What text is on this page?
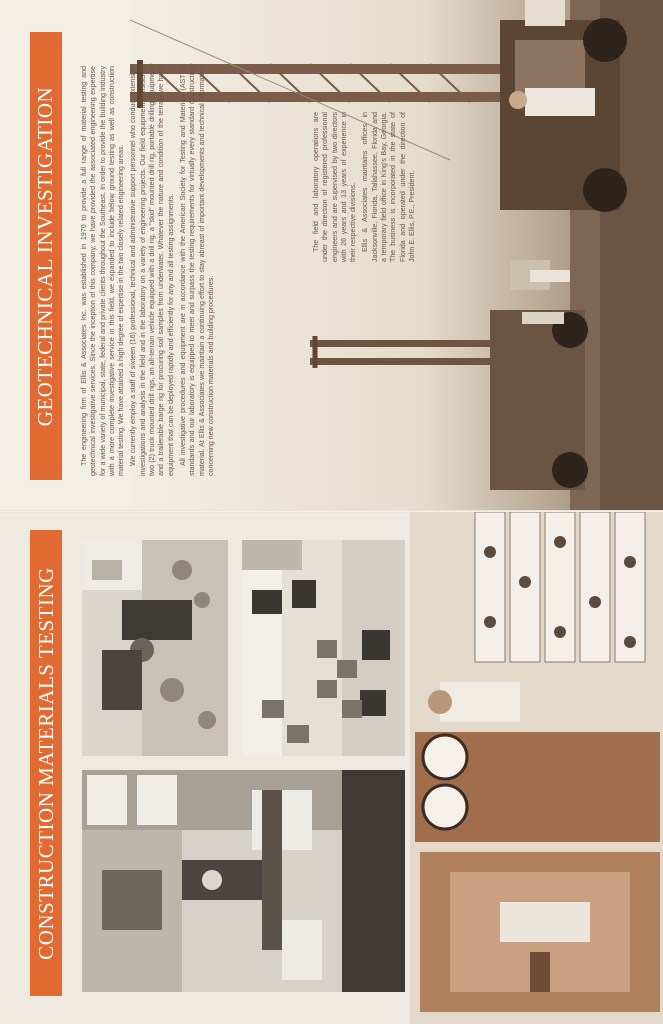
GEOTECHNICAL INVESTIGATION	The engineering firm of Ellis & Associates Inc. was established in 1970 to provide a full range of material testing and geotechnical investigative services. Since the inception of this company, we have provided the associated engineering expertise for a wide variety of municipal, state, federal and private clients throughout the Southeast. In order to provide the building industry with a more complete investigative service in this field, we expanded to include below ground testing as well as construction material testing. We have attained a high degree of expertise in the two closely related engineering areas. We currently employ a staff of sixteen (16) professional, technical and administrative support personnel who conduct extensive investigations and analysis in the field and in the laboratory on a variety of engineering projects. Our field equipment consists of two (2) truck mounted drill rigs, an all-terrain vehicle equipped with a drill rig, a "skid" mounted drill rig, portable drilling equipment and a trailerable barge rig for procuring soil samples from underwater. Whatever the nature and condition of the terrain we have equipment that can be deployed rapidly and efficiently for any and all testing assignments. All investigative procedures and equipment are in accordance with the American Society for Testing and Materials (ASTM) standards and our laboratory is equipped to meet and surpass the testing requirements for virtually every standard construction material. At Ellis & Associates we maintain a continuing effort to stay abreast of important developments and technical information concerning new construction materials and building procedures.

The field and laboratory operations are under the direction of registered professional engineers and are supervised by two directors with 26 years and 13 years of experience in their respective divisions. Ellis & Associates maintains offices in Jacksonville, Florida, Tallahassee, Florida and a temporary field office in King's Bay, Georgia. The business is incorporated in the state of Florida and operated under the direction of John E. Ellis, P.E., President.

CONSTRUCTION MATERIALS TESTING
